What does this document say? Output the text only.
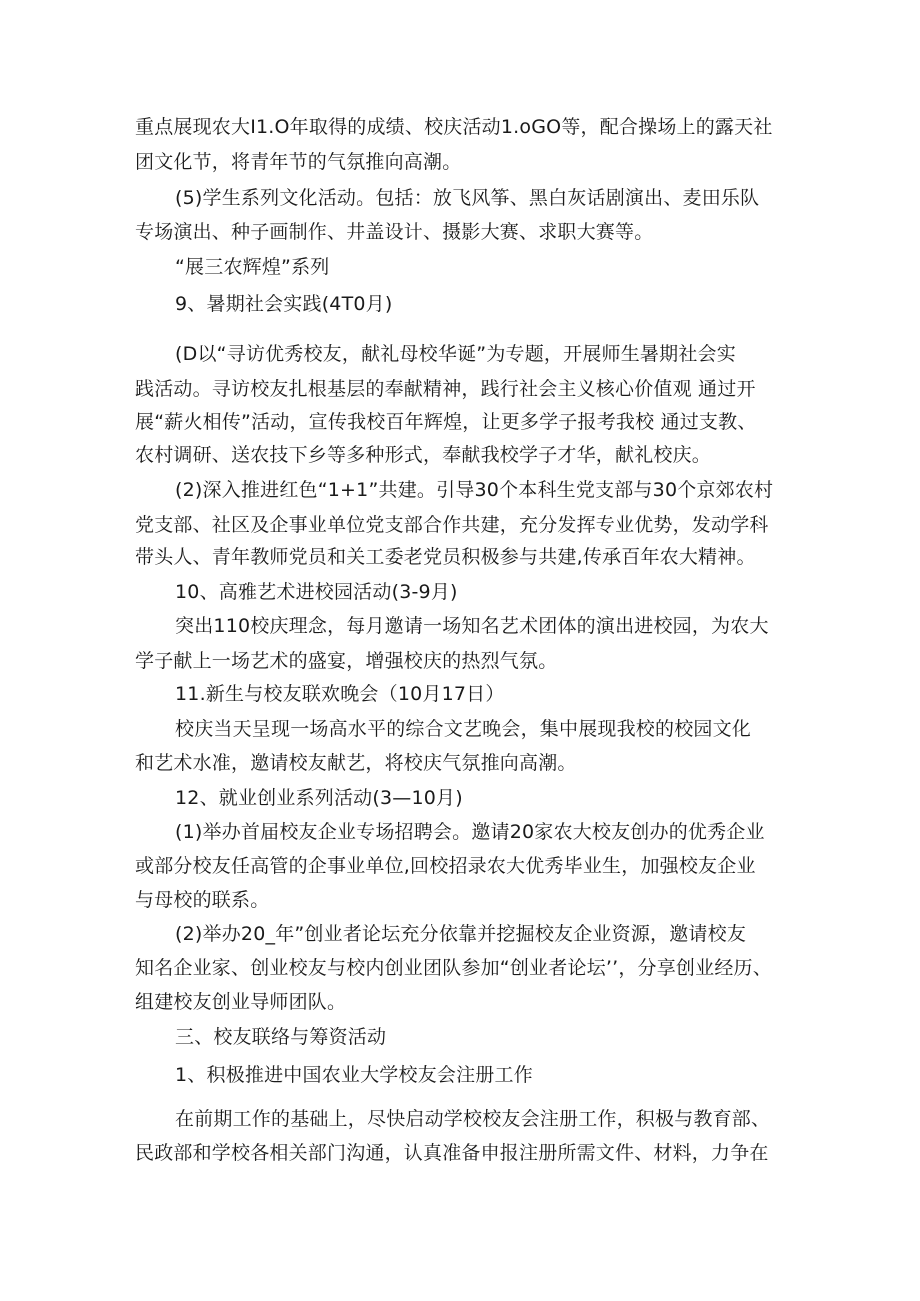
重点展现农大I1.O年取得的成绩、校庆活动1.oGO等，配合操场上的露天社
团文化节，将青年节的气氛推向高潮。
(5)学生系列文化活动。包括：放飞风筝、黑白灰话剧演出、麦田乐队
专场演出、种子画制作、井盖设计、摄影大赛、求职大赛等。
“展三农辉煌”系列
9、暑期社会实践(4T0月)
(D以“寻访优秀校友，献礼母校华诞”为专题，开展师生暑期社会实
践活动。寻访校友扎根基层的奉献精神，践行社会主义核心价值观 通过开
展“薪火相传”活动，宣传我校百年辉煌，让更多学子报考我校 通过支教、
农村调研、送农技下乡等多种形式，奉献我校学子才华，献礼校庆。
(2)深入推进红色“1+1”共建。引导30个本科生党支部与30个京郊农村
党支部、社区及企事业单位党支部合作共建，充分发挥专业优势，发动学科
带头人、青年教师党员和关工委老党员积极参与共建,传承百年农大精神。
10、高雅艺术进校园活动(3-9月)
突出110校庆理念，每月邀请一场知名艺术团体的演出进校园，为农大
学子献上一场艺术的盛宴，增强校庆的热烈气氛。
11.新生与校友联欢晚会（10月17日）
校庆当天呈现一场高水平的综合文艺晚会，集中展现我校的校园文化
和艺术水准，邀请校友献艺，将校庆气氛推向高潮。
12、就业创业系列活动(3—10月)
(1)举办首届校友企业专场招聘会。邀请20家农大校友创办的优秀企业
或部分校友任高管的企事业单位,回校招录农大优秀毕业生，加强校友企业
与母校的联系。
(2)举办20_年”创业者论坛充分依靠并挖掘校友企业资源，邀请校友
知名企业家、创业校友与校内创业团队参加“创业者论坛’’，分享创业经历、
组建校友创业导师团队。
三、校友联络与筹资活动
1、积极推进中国农业大学校友会注册工作
在前期工作的基础上，尽快启动学校校友会注册工作，积极与教育部、
民政部和学校各相关部门沟通，认真准备申报注册所需文件、材料，力争在
